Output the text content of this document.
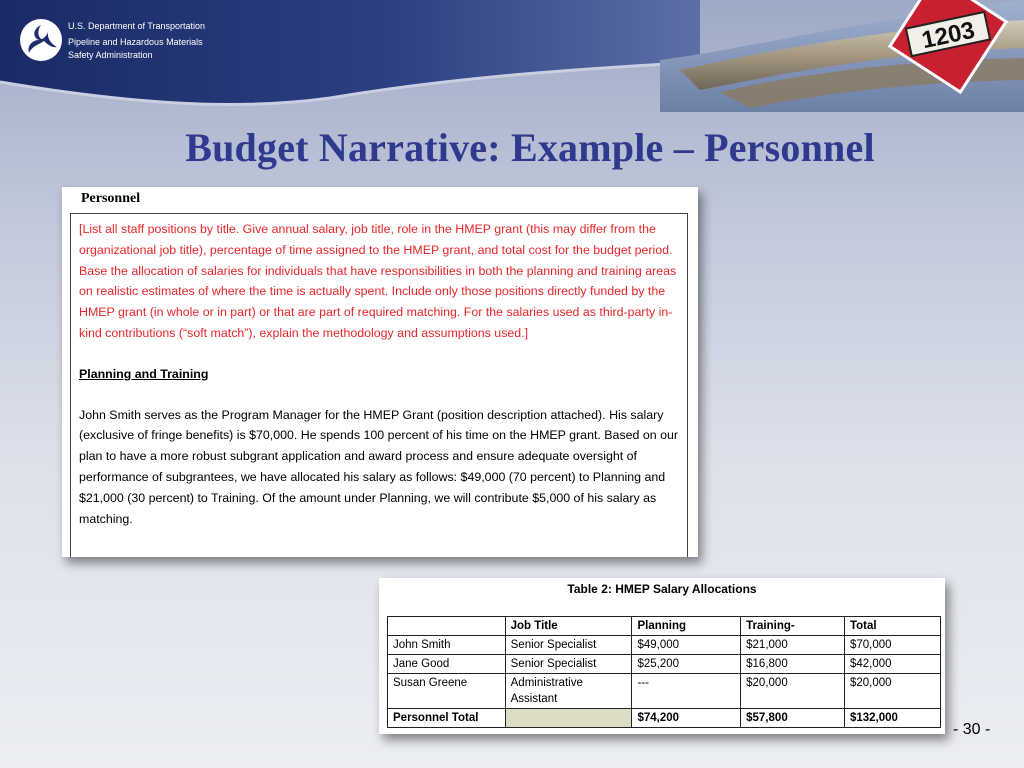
U.S. Department of Transportation
Pipeline and Hazardous Materials
Safety Administration
1203
Budget Narrative: Example – Personnel
Personnel
[List all staff positions by title. Give annual salary, job title, role in the HMEP grant (this may differ from the organizational job title), percentage of time assigned to the HMEP grant, and total cost for the budget period. Base the allocation of salaries for individuals that have responsibilities in both the planning and training areas on realistic estimates of where the time is actually spent. Include only those positions directly funded by the HMEP grant (in whole or in part) or that are part of required matching. For the salaries used as third-party in-kind contributions (“soft match”), explain the methodology and assumptions used.]
Planning and Training
John Smith serves as the Program Manager for the HMEP Grant (position description attached). His salary (exclusive of fringe benefits) is $70,000. He spends 100 percent of his time on the HMEP grant. Based on our plan to have a more robust subgrant application and award process and ensure adequate oversight of performance of subgrantees, we have allocated his salary as follows: $49,000 (70 percent) to Planning and $21,000 (30 percent) to Training. Of the amount under Planning, we will contribute $5,000 of his salary as matching.
Table 2: HMEP Salary Allocations
	Job Title	Planning	Training-	Total
John Smith	Senior Specialist	$49,000	$21,000	$70,000
Jane Good	Senior Specialist	$25,200	$16,800	$42,000
Susan Greene	Administrative Assistant	---	$20,000	$20,000
Personnel Total		$74,200	$57,800	$132,000
- 30 -
